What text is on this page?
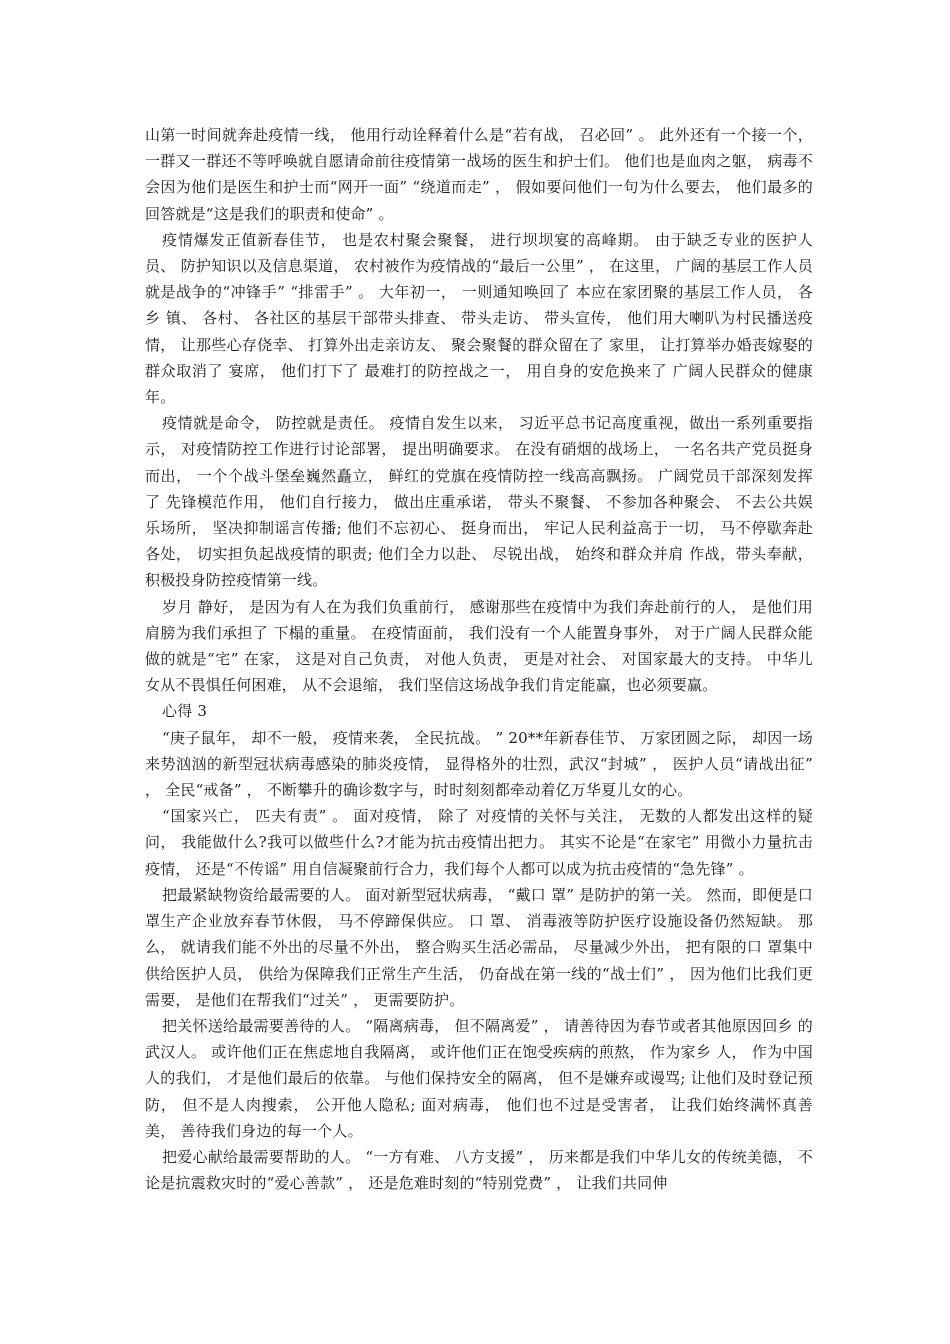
山第一时间就奔赴疫情一线， 他用行动诠释着什么是“若有战， 召必回” 。 此外还有一个接一个， 一群又一群还不等呼唤就自愿请命前往疫情第一战场的医生和护士们。 他们也是血肉之躯， 病毒不会因为他们是医生和护士而“网开一面” “绕道而走” ， 假如要问他们一句为什么要去， 他们最多的回答就是“这是我们的职责和使命” 。

疫情爆发正值新春佳节， 也是农村聚会聚餐， 进行坝坝宴的高峰期。 由于缺乏专业的医护人员、 防护知识以及信息渠道， 农村被作为疫情战的“最后一公里” ， 在这里， 广阔的基层工作人员就是战争的“冲锋手” “排雷手” 。 大年初一， 一则通知唤回了 本应在家团聚的基层工作人员， 各乡 镇、 各村、 各社区的基层干部带头排查、 带头走访、 带头宣传， 他们用大喇叭为村民播送疫情， 让那些心存侥幸、 打算外出走亲访友、 聚会聚餐的群众留在了 家里， 让打算举办婚丧嫁娶的群众取消了 宴席， 他们打下了 最难打的防控战之一， 用自身的安危换来了 广阔人民群众的健康年。

疫情就是命令， 防控就是责任。 疫情自发生以来， 习近平总书记高度重视，做出一系列重要指示， 对疫情防控工作进行讨论部署， 提出明确要求。 在没有硝烟的战场上， 一名名共产党员挺身而出， 一个个战斗堡垒巍然矗立， 鲜红的党旗在疫情防控一线高高飘扬。 广阔党员干部深刻发挥了 先锋模范作用， 他们自行接力， 做出庄重承诺， 带头不聚餐、 不参加各种聚会、 不去公共娱乐场所， 坚决抑制谣言传播; 他们不忘初心、 挺身而出， 牢记人民利益高于一切， 马不停歇奔赴各处， 切实担负起战疫情的职责; 他们全力以赴、 尽锐出战， 始终和群众并肩 作战，带头奉献， 积极投身防控疫情第一线。

岁月 静好， 是因为有人在为我们负重前行， 感谢那些在疫情中为我们奔赴前行的人， 是他们用肩膀为我们承担了 下榻的重量。 在疫情面前， 我们没有一个人能置身事外， 对于广阔人民群众能做的就是“宅” 在家， 这是对自己负责， 对他人负责， 更是对社会、 对国家最大的支持。 中华儿女从不畏惧任何困难， 从不会退缩， 我们坚信这场战争我们肯定能赢，也必须要赢。

心得 3

“庚子鼠年， 却不一般， 疫情来袭， 全民抗战。 ” 20**年新春佳节、 万家团圆之际， 却因一场来势汹汹的新型冠状病毒感染的肺炎疫情， 显得格外的壮烈，武汉“封城” ， 医护人员“请战出征” ， 全民“戒备” ， 不断攀升的确诊数字与，时时刻刻都牵动着亿万华夏儿女的心。

“国家兴亡， 匹夫有责” 。 面对疫情， 除了 对疫情的关怀与关注， 无数的人都发出这样的疑问， 我能做什么?我可以做些什么?才能为抗击疫情出把力。 其实不论是“在家宅” 用微小力量抗击疫情， 还是“不传谣” 用自信凝聚前行合力，我们每个人都可以成为抗击疫情的“急先锋” 。

把最紧缺物资给最需要的人。 面对新型冠状病毒， “戴口 罩” 是防护的第一关。 然而，即便是口 罩生产企业放弃春节休假， 马不停蹄保供应。 口 罩、 消毒液等防护医疗设施设备仍然短缺。 那么， 就请我们能不外出的尽量不外出， 整合购买生活必需品， 尽量减少外出， 把有限的口 罩集中供给医护人员， 供给为保障我们正常生产生活， 仍奋战在第一线的“战士们” ， 因为他们比我们更需要， 是他们在帮我们“过关” ， 更需要防护。

把关怀送给最需要善待的人。 “隔离病毒， 但不隔离爱” ， 请善待因为春节或者其他原因回乡 的武汉人。 或许他们正在焦虑地自我隔离， 或许他们正在饱受疾病的煎熬， 作为家乡 人， 作为中国人的我们， 才是他们最后的依靠。 与他们保持安全的隔离， 但不是嫌弃或谩骂; 让他们及时登记预防， 但不是人肉搜索， 公开他人隐私; 面对病毒， 他们也不过是受害者， 让我们始终满怀真善美， 善待我们身边的每一个人。

把爱心献给最需要帮助的人。 “一方有难、 八方支援” ， 历来都是我们中华儿女的传统美德， 不论是抗震救灾时的“爱心善款” ， 还是危难时刻的“特别党费” ， 让我们共同伸
